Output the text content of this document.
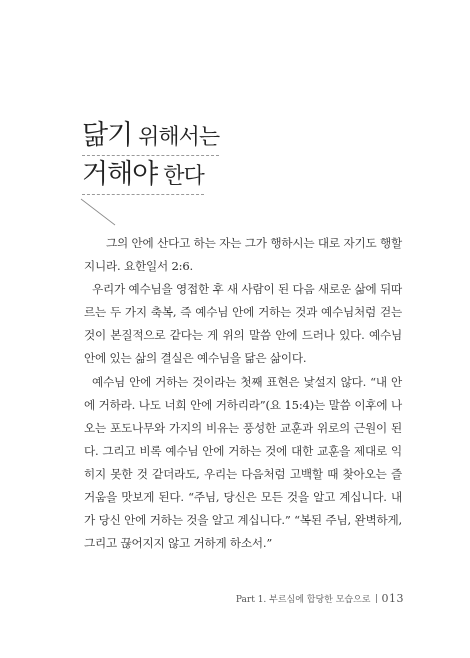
닮기 위해서는
거해야 한다

그의 안에 산다고 하는 자는 그가 행하시는 대로 자기도 행할지니라. 요한일서 2:6.

우리가 예수님을 영접한 후 새 사람이 된 다음 새로운 삶에 뒤따르는 두 가지 축복, 즉 예수님 안에 거하는 것과 예수님처럼 걷는 것이 본질적으로 같다는 게 위의 말씀 안에 드러나 있다. 예수님 안에 있는 삶의 결실은 예수님을 닮은 삶이다.

예수님 안에 거하는 것이라는 첫째 표현은 낯설지 않다. “내 안에 거하라. 나도 너희 안에 거하리라”(요 15:4)는 말씀 이후에 나오는 포도나무와 가지의 비유는 풍성한 교훈과 위로의 근원이 된다. 그리고 비록 예수님 안에 거하는 것에 대한 교훈을 제대로 익히지 못한 것 같더라도, 우리는 다음처럼 고백할 때 찾아오는 즐거움을 맛보게 된다. “주님, 당신은 모든 것을 알고 계십니다. 내가 당신 안에 거하는 것을 알고 계십니다.” “복된 주님, 완벽하게, 그리고 끊어지지 않고 거하게 하소서.”

Part 1. 부르심에 합당한 모습으로 013
